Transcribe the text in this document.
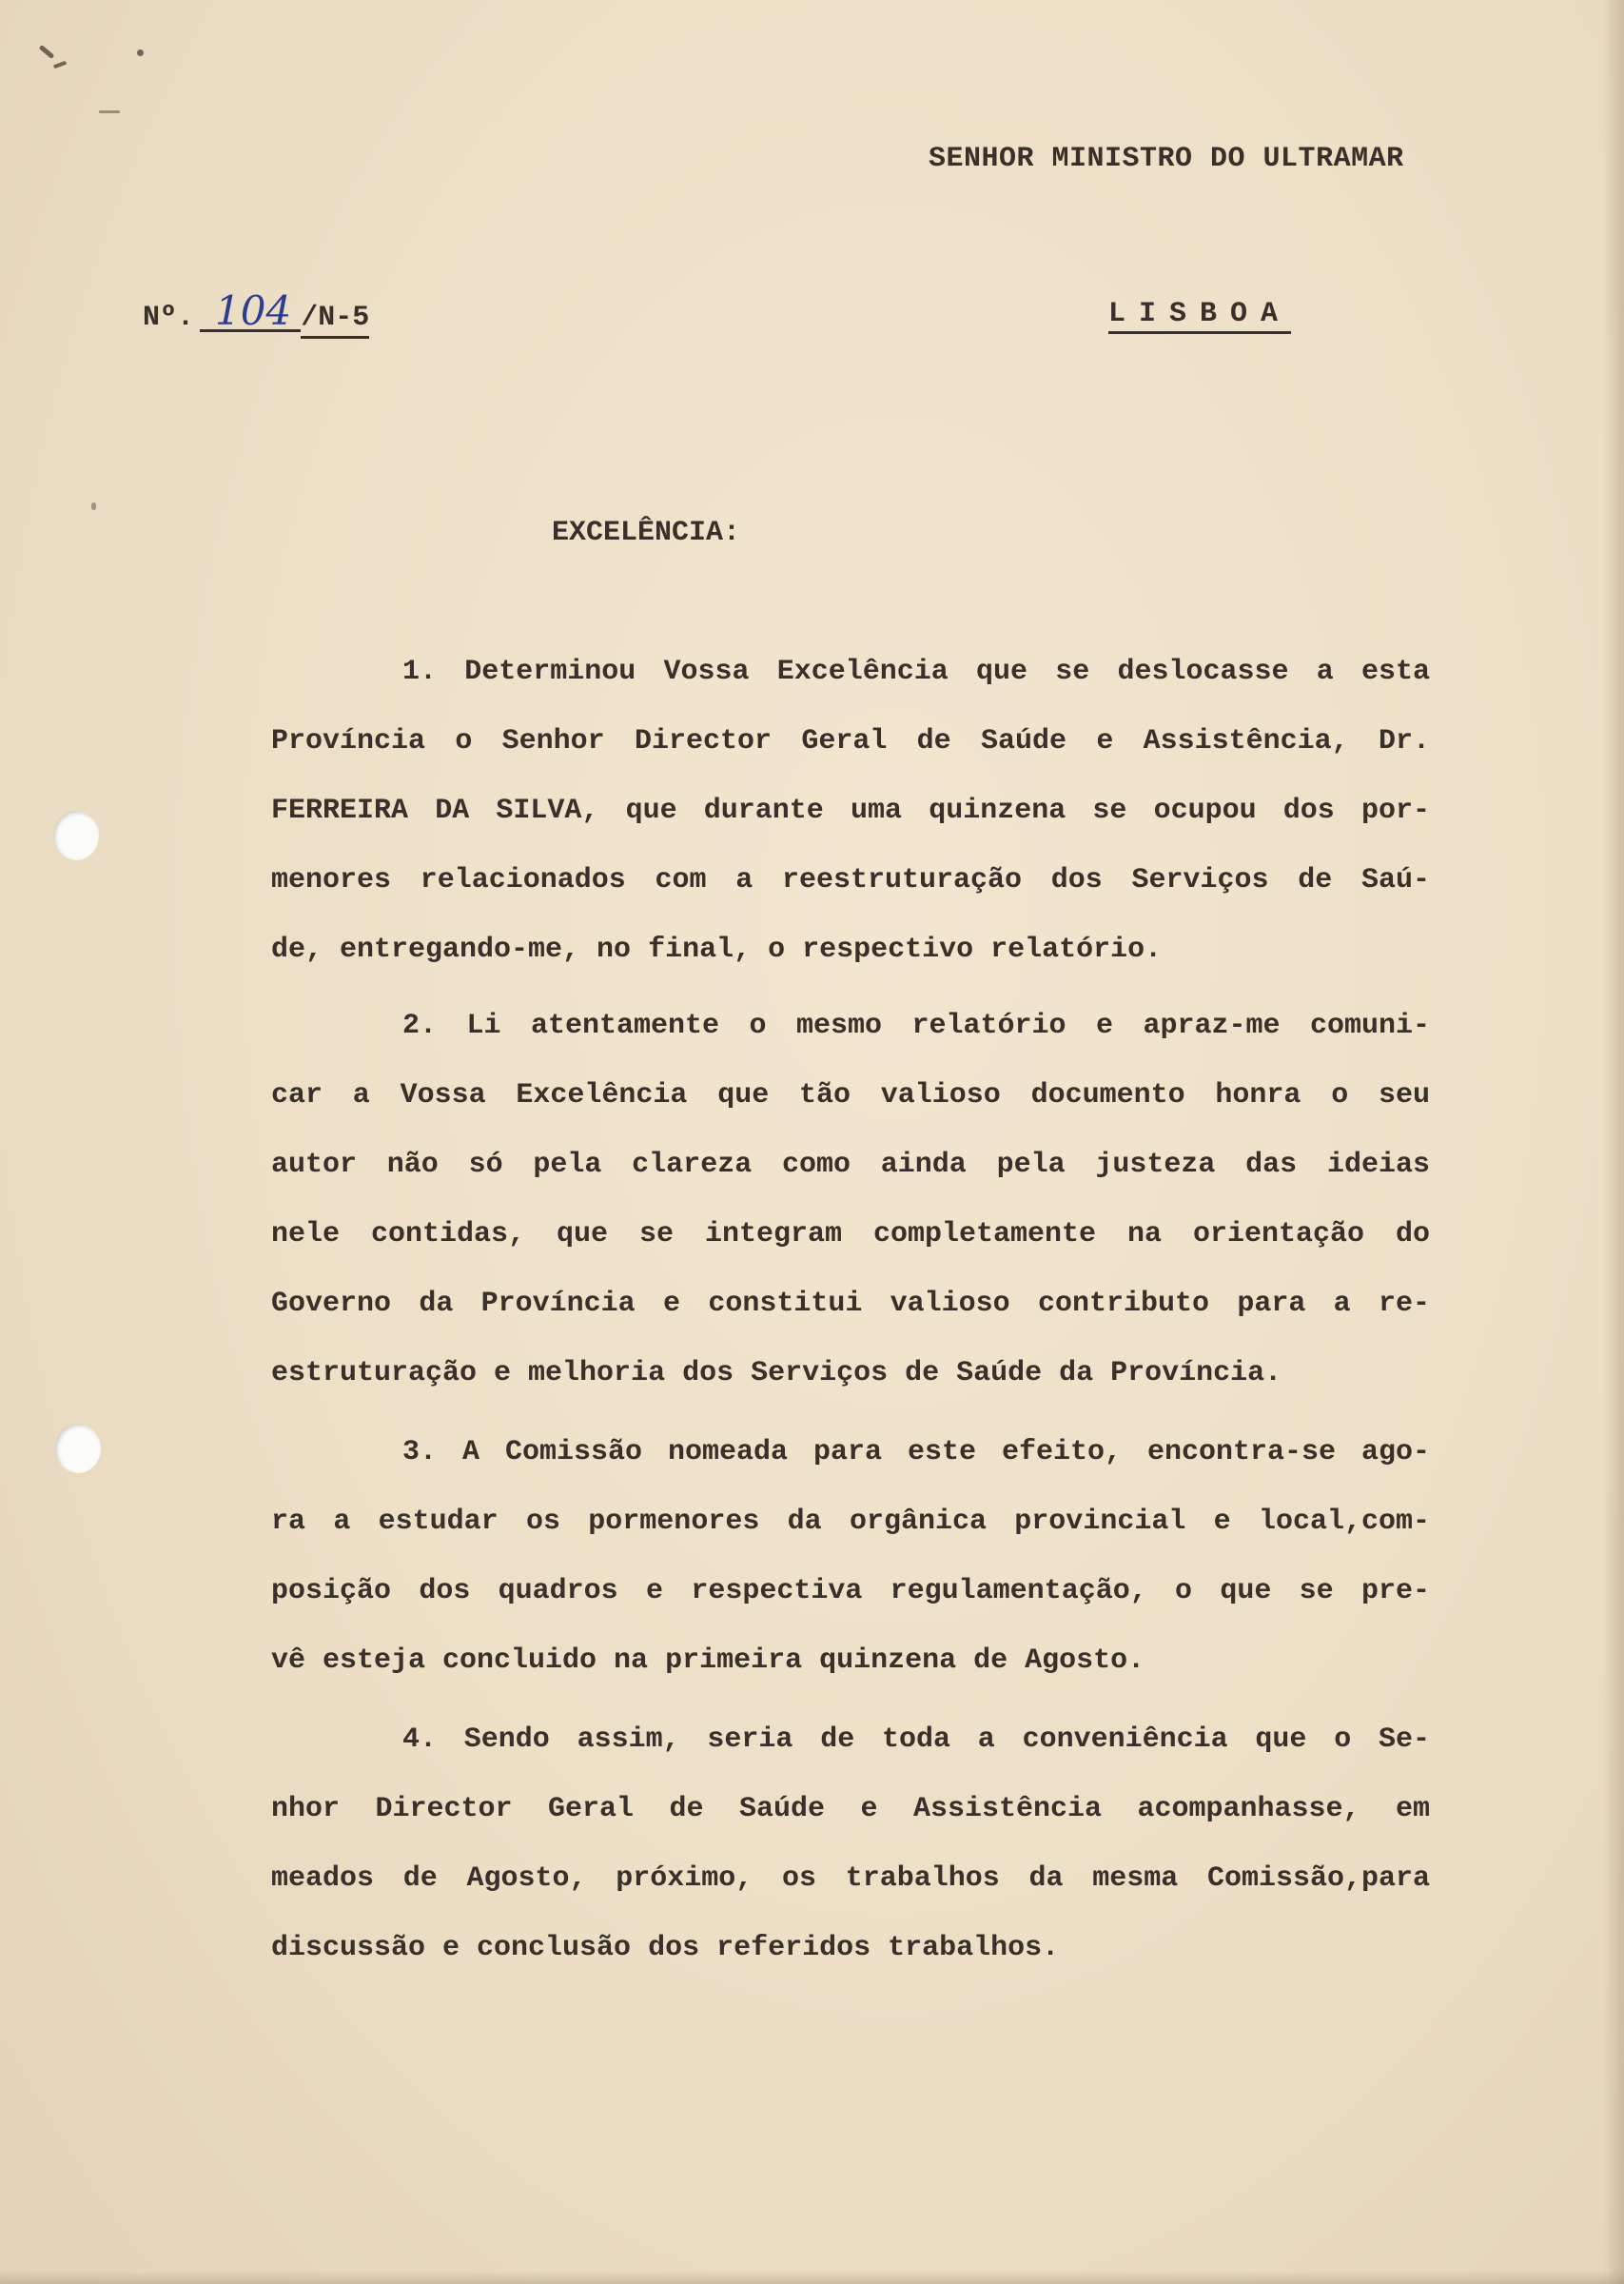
SENHOR MINISTRO DO ULTRAMAR
Nº. 104 /N-5	LISBOA
EXCELÊNCIA:
1. Determinou Vossa Excelência que se deslocasse a esta
Província o Senhor Director Geral de Saúde e Assistência, Dr.
FERREIRA DA SILVA, que durante uma quinzena se ocupou dos por-
menores relacionados com a reestruturação dos Serviços de Saú-
de, entregando-me, no final, o respectivo relatório.
2. Li atentamente o mesmo relatório e apraz-me comuni-
car a Vossa Excelência que tão valioso documento honra o seu
autor não só pela clareza como ainda pela justeza das ideias
nele contidas, que se integram completamente na orientação do
Governo da Província e constitui valioso contributo para a re-
estruturação e melhoria dos Serviços de Saúde da Província.
3. A Comissão nomeada para este efeito, encontra-se ago-
ra a estudar os pormenores da orgânica provincial e local,com-
posição dos quadros e respectiva regulamentação, o que se pre-
vê esteja concluido na primeira quinzena de Agosto.
4. Sendo assim, seria de toda a conveniência que o Se-
nhor Director Geral de Saúde e Assistência acompanhasse, em
meados de Agosto, próximo, os trabalhos da mesma Comissão,para
discussão e conclusão dos referidos trabalhos.
